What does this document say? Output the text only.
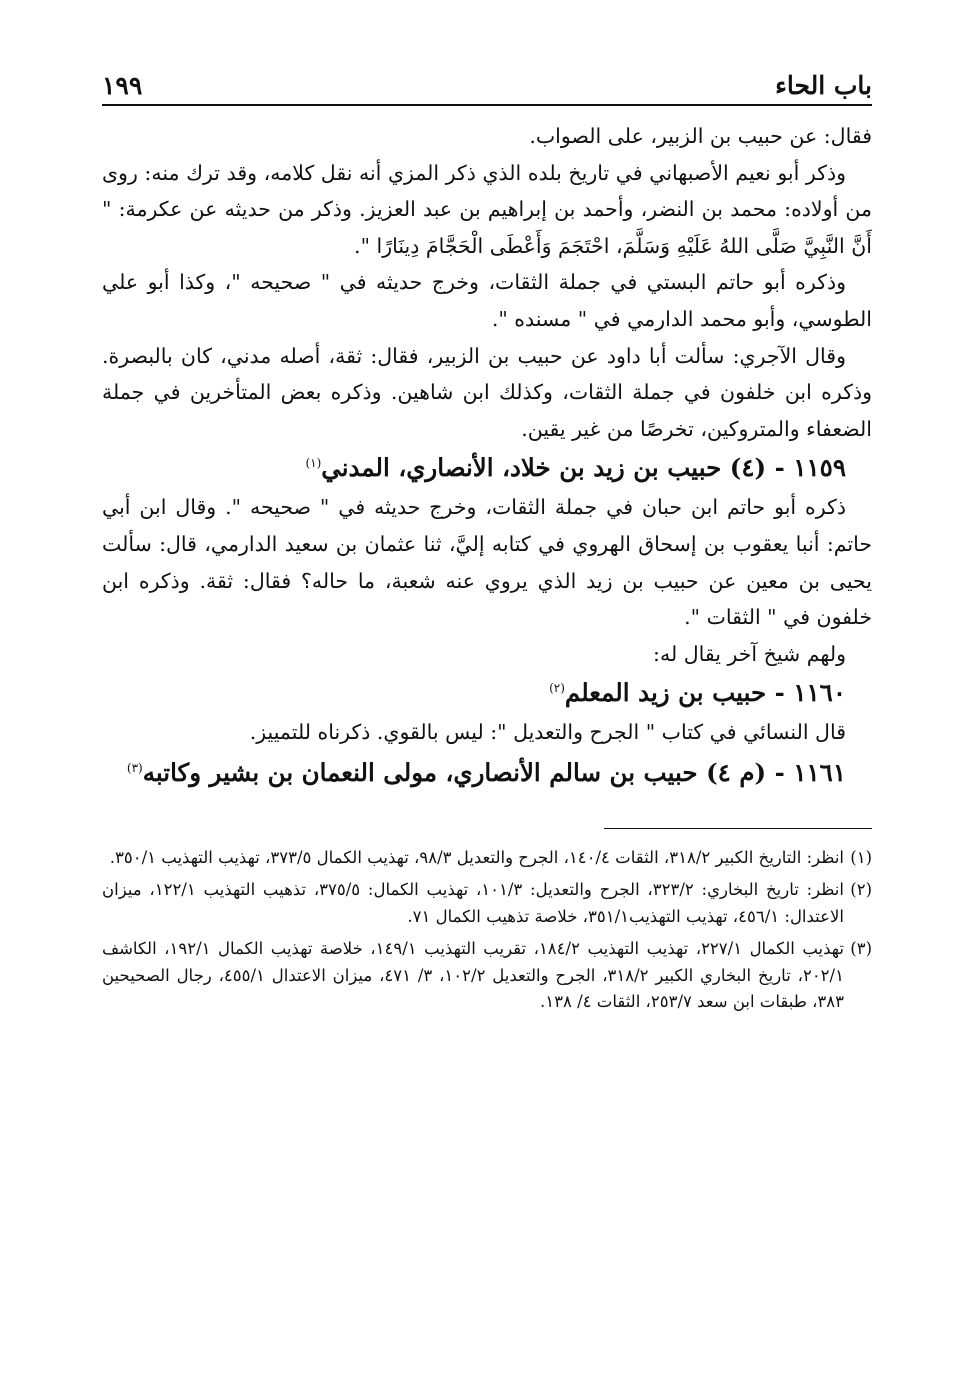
باب الحاء
١٩٩

فقال: عن حبيب بن الزبير، على الصواب.

وذكر أبو نعيم الأصبهاني في تاريخ بلده الذي ذكر المزي أنه نقل كلامه، وقد ترك منه: روى من أولاده: محمد بن النضر، وأحمد بن إبراهيم بن عبد العزيز. وذكر من حديثه عن عكرمة: " أَنَّ النَّبِيَّ صَلَّى اللهُ عَلَيْهِ وَسَلَّمَ، احْتَجَمَ وَأَعْطَى الْحَجَّامَ دِينَارًا ".

وذكره أبو حاتم البستي في جملة الثقات، وخرج حديثه في " صحيحه "، وكذا أبو علي الطوسي، وأبو محمد الدارمي في " مسنده ".

وقال الآجري: سألت أبا داود عن حبيب بن الزبير، فقال: ثقة، أصله مدني، كان بالبصرة. وذكره ابن خلفون في جملة الثقات، وكذلك ابن شاهين. وذكره بعض المتأخرين في جملة الضعفاء والمتروكين، تخرصًا من غير يقين.

١١٥٩ - (٤) حبيب بن زيد بن خلاد، الأنصاري، المدني$^{(١)}$

ذكره أبو حاتم ابن حبان في جملة الثقات، وخرج حديثه في " صحيحه ". وقال ابن أبي حاتم: أنبا يعقوب بن إسحاق الهروي في كتابه إليَّ، ثنا عثمان بن سعيد الدارمي، قال: سألت يحيى بن معين عن حبيب بن زيد الذي يروي عنه شعبة، ما حاله؟ فقال: ثقة. وذكره ابن خلفون في " الثقات ".

ولهم شيخ آخر يقال له:

١١٦٠ - حبيب بن زيد المعلم$^{(٢)}$

قال النسائي في كتاب " الجرح والتعديل ": ليس بالقوي. ذكرناه للتمييز.

١١٦١ - (م ٤) حبيب بن سالم الأنصاري، مولى النعمان بن بشير وكاتبه$^{(٣)}$
(١)
انظر: التاريخ الكبير ٣١٨/٢، الثقات ١٤٠/٤، الجرح والتعديل ٩٨/٣، تهذيب الكمال ٣٧٣/٥، تهذيب التهذيب ٣٥٠/١.
(٢)
انظر: تاريخ البخاري: ٣٢٣/٢، الجرح والتعديل: ١٠١/٣، تهذيب الكمال: ٣٧٥/٥، تذهيب التهذيب ١٢٢/١، ميزان الاعتدال: ٤٥٦/١، تهذيب التهذيب٣٥١/١، خلاصة تذهيب الكمال ٧١.
(٣)
تهذيب الكمال ٢٢٧/١، تهذيب التهذيب ١٨٤/٢، تقريب التهذيب ١٤٩/١، خلاصة تهذيب الكمال ١٩٢/١، الكاشف ٢٠٢/١، تاريخ البخاري الكبير ٣١٨/٢، الجرح والتعديل ١٠٢/٢، ٣/ ٤٧١، ميزان الاعتدال ٤٥٥/١، رجال الصحيحين ٣٨٣، طبقات ابن سعد ٢٥٣/٧، الثقات ٤/ ١٣٨.
